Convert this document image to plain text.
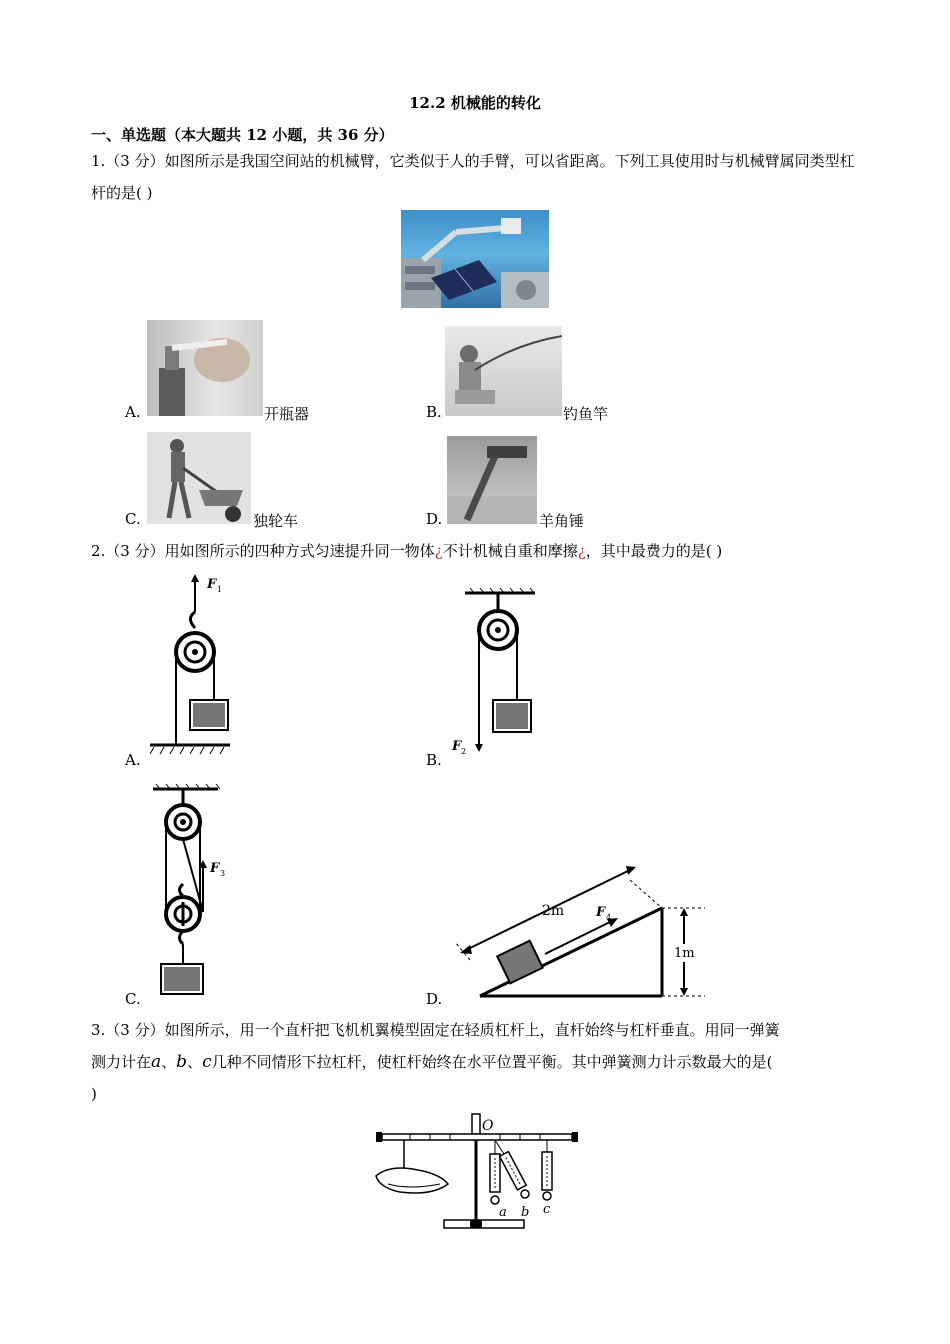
12.2 机械能的转化
一、单选题（本大题共 12 小题，共 36 分）
1.（3 分）如图所示是我国空间站的机械臂，它类似于人的手臂，可以省距离。下列工具使用时与机械臂属同类型杠杆的是( )
A.	开瓶器	B.	钓鱼竿
C.	独轮车	D.	羊角锤
2.（3 分）用如图所示的四种方式匀速提升同一物体¿不计机械自重和摩擦¿，其中最费力的是( )
F 1
A.
F 2
B.
F 3
C.
1m
F 4
2m
D.
3.（3 分）如图所示，用一个直杆把飞机机翼模型固定在轻质杠杆上，直杆始终与杠杆垂直。用同一弹簧
测力计在a、b、c几种不同情形下拉杠杆，使杠杆始终在水平位置平衡。其中弹簧测力计示数最大的是(
)
O
a b c
